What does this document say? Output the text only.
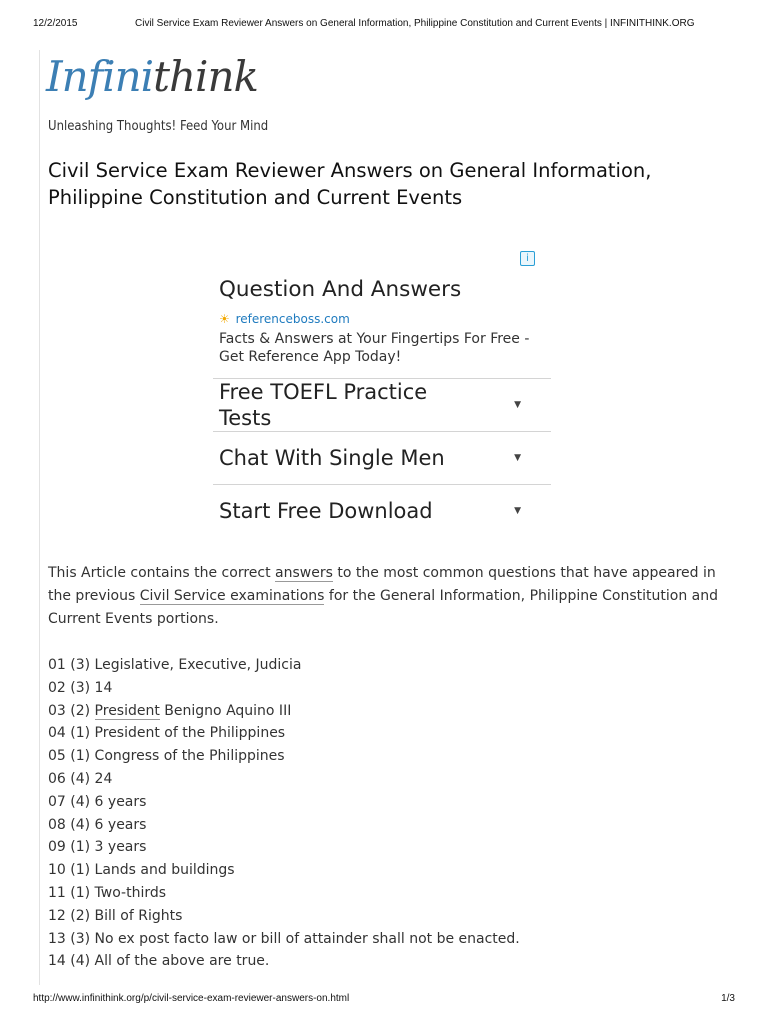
12/2/2015	Civil Service Exam Reviewer Answers on General Information, Philippine Constitution and Current Events | INFINITHINK.ORG
Infinithink
Unleashing Thoughts! Feed Your Mind
Civil Service Exam Reviewer Answers on General Information, Philippine Constitution and Current Events
i
Question And Answers
☀ referenceboss.com
Facts & Answers at Your Fingertips For Free - Get Reference App Today!
Free TOEFL Practice Tests
▼
Chat With Single Men	▼
Start Free Download	▼

This Article contains the correct answers to the most common questions that have appeared in the previous Civil Service examinations for the General Information, Philippine Constitution and Current Events portions.

01 (3) Legislative, Executive, Judicia
02 (3) 14
03 (2) President Benigno Aquino III
04 (1) President of the Philippines
05 (1) Congress of the Philippines
06 (4) 24
07 (4) 6 years
08 (4) 6 years
09 (1) 3 years
10 (1) Lands and buildings
11 (1) Two-thirds
12 (2) Bill of Rights
13 (3) No ex post facto law or bill of attainder shall not be enacted.
14 (4) All of the above are true.
http://www.infinithink.org/p/civil-service-exam-reviewer-answers-on.html	1/3
